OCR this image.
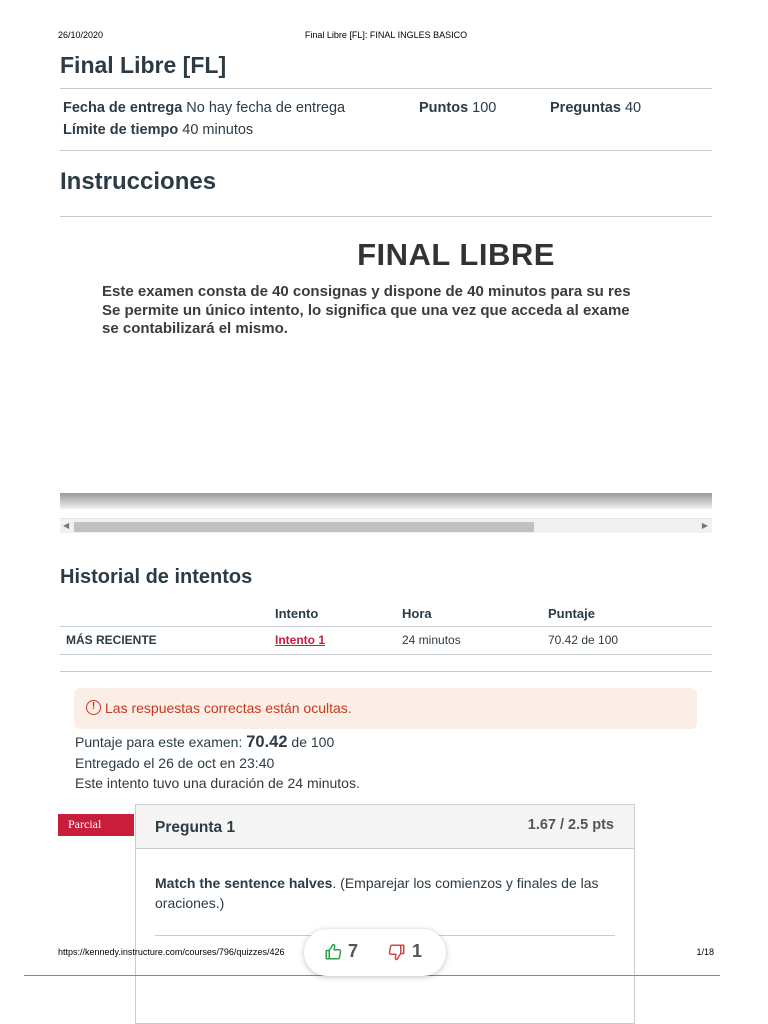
26/10/2020	Final Libre [FL]: FINAL INGLES BASICO
Final Libre [FL]
Fecha de entrega No hay fecha de entrega	Puntos 100	Preguntas 40
Límite de tiempo 40 minutos
Instrucciones
FINAL LIBRE
Este examen consta de 40 consignas y dispone de 40 minutos para su res
Se permite un único intento, lo significa que una vez que acceda al exame
se contabilizará el mismo.
◀	▶
Historial de intentos
	Intento	Hora	Puntaje
MÁS RECIENTE	Intento 1	24 minutos	70.42 de 100
! Las respuestas correctas están ocultas.
Puntaje para este examen: 70.42 de 100
Entregado el 26 de oct en 23:40
Este intento tuvo una duración de 24 minutos.
Parcial	Pregunta 1	1.67 / 2.5 pts
Match the sentence halves. (Emparejar los comienzos y finales de las oraciones.)
https://kennedy.instructure.com/courses/796/quizzes/426	1/18
7	1
